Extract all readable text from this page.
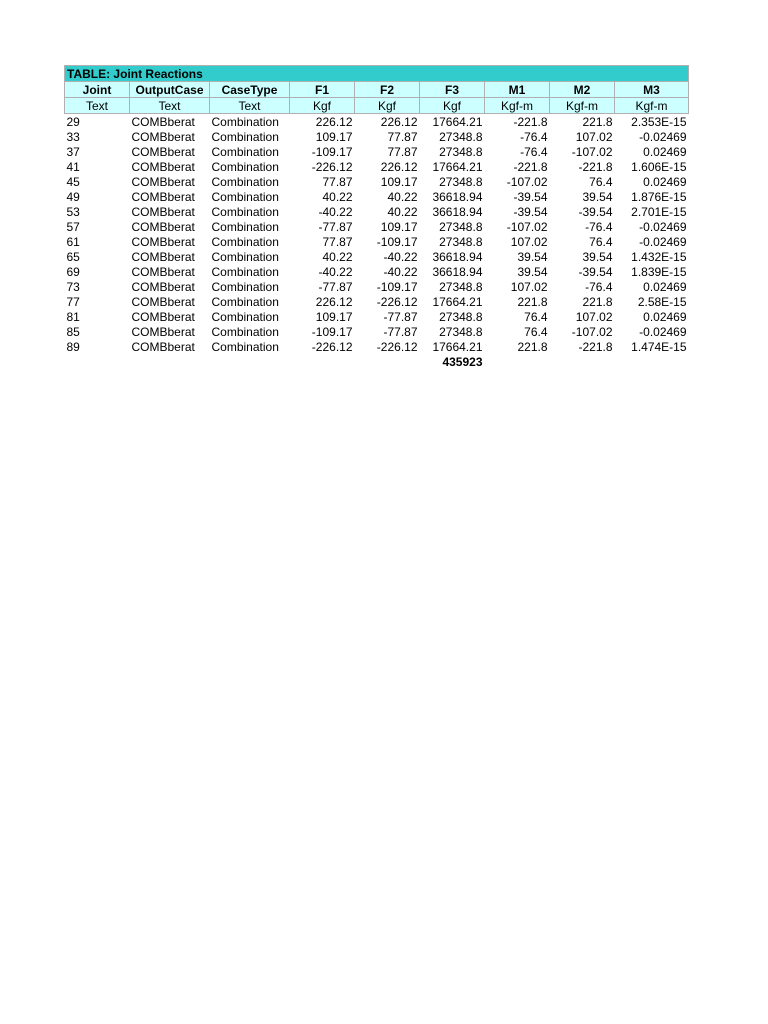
TABLE: Joint Reactions								
Joint	OutputCase	CaseType	F1	F2	F3	M1	M2	M3
Text	Text	Text	Kgf	Kgf	Kgf	Kgf-m	Kgf-m	Kgf-m
29	COMBberat	Combination	226.12	226.12	17664.21	-221.8	221.8	2.353E-15
33	COMBberat	Combination	109.17	77.87	27348.8	-76.4	107.02	-0.02469
37	COMBberat	Combination	-109.17	77.87	27348.8	-76.4	-107.02	0.02469
41	COMBberat	Combination	-226.12	226.12	17664.21	-221.8	-221.8	1.606E-15
45	COMBberat	Combination	77.87	109.17	27348.8	-107.02	76.4	0.02469
49	COMBberat	Combination	40.22	40.22	36618.94	-39.54	39.54	1.876E-15
53	COMBberat	Combination	-40.22	40.22	36618.94	-39.54	-39.54	2.701E-15
57	COMBberat	Combination	-77.87	109.17	27348.8	-107.02	-76.4	-0.02469
61	COMBberat	Combination	77.87	-109.17	27348.8	107.02	76.4	-0.02469
65	COMBberat	Combination	40.22	-40.22	36618.94	39.54	39.54	1.432E-15
69	COMBberat	Combination	-40.22	-40.22	36618.94	39.54	-39.54	1.839E-15
73	COMBberat	Combination	-77.87	-109.17	27348.8	107.02	-76.4	0.02469
77	COMBberat	Combination	226.12	-226.12	17664.21	221.8	221.8	2.58E-15
81	COMBberat	Combination	109.17	-77.87	27348.8	76.4	107.02	0.02469
85	COMBberat	Combination	-109.17	-77.87	27348.8	76.4	-107.02	-0.02469
89	COMBberat	Combination	-226.12	-226.12	17664.21	221.8	-221.8	1.474E-15
					435923			
